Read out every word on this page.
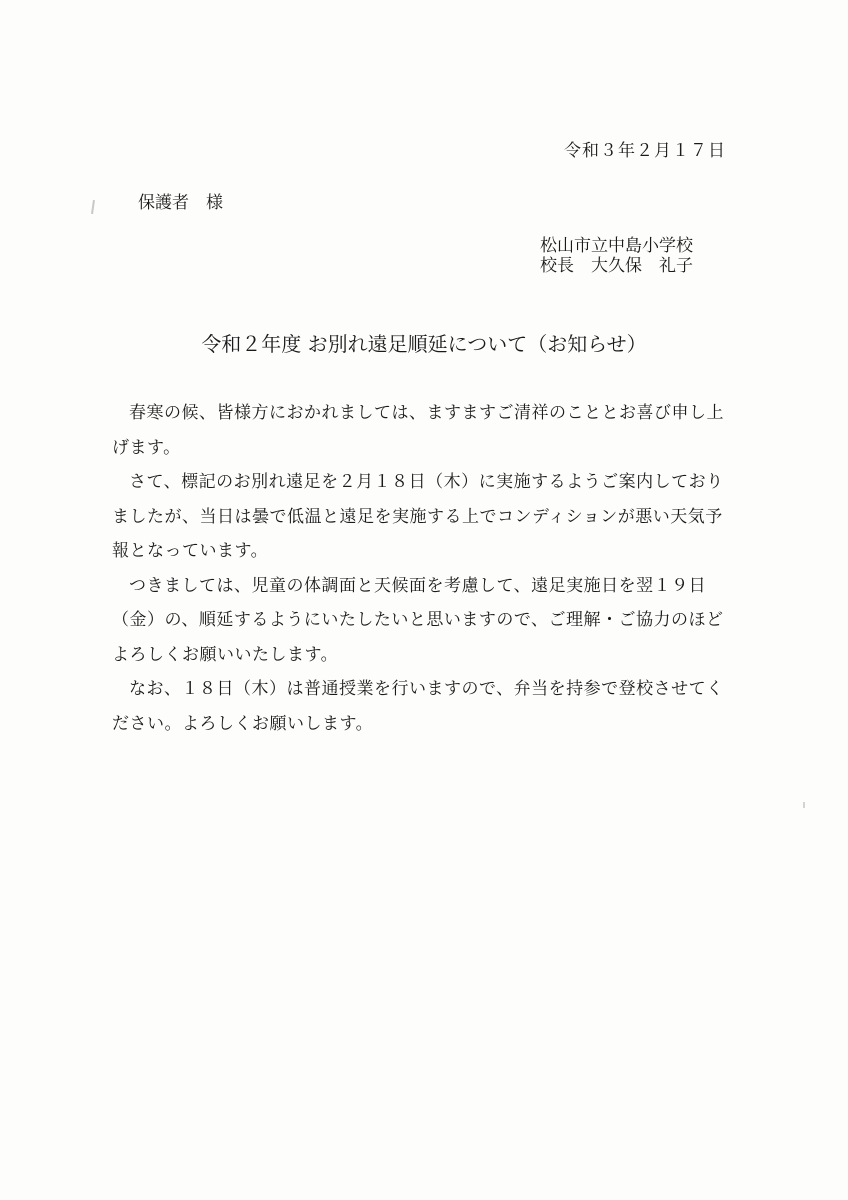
令和３年２月１７日
保護者　様
松山市立中島小学校
校長　大久保　礼子
令和２年度 お別れ遠足順延について（お知らせ）

春寒の候、皆様方におかれましては、ますますご清祥のこととお喜び申し上げます。

さて、標記のお別れ遠足を２月１８日（木）に実施するようご案内しておりましたが、当日は曇で低温と遠足を実施する上でコンディションが悪い天気予報となっています。

つきましては、児童の体調面と天候面を考慮して、遠足実施日を翌１９日（金）の、順延するようにいたしたいと思いますので、ご理解・ご協力のほどよろしくお願いいたします。

なお、１８日（木）は普通授業を行いますので、弁当を持参で登校させてください。よろしくお願いします。
